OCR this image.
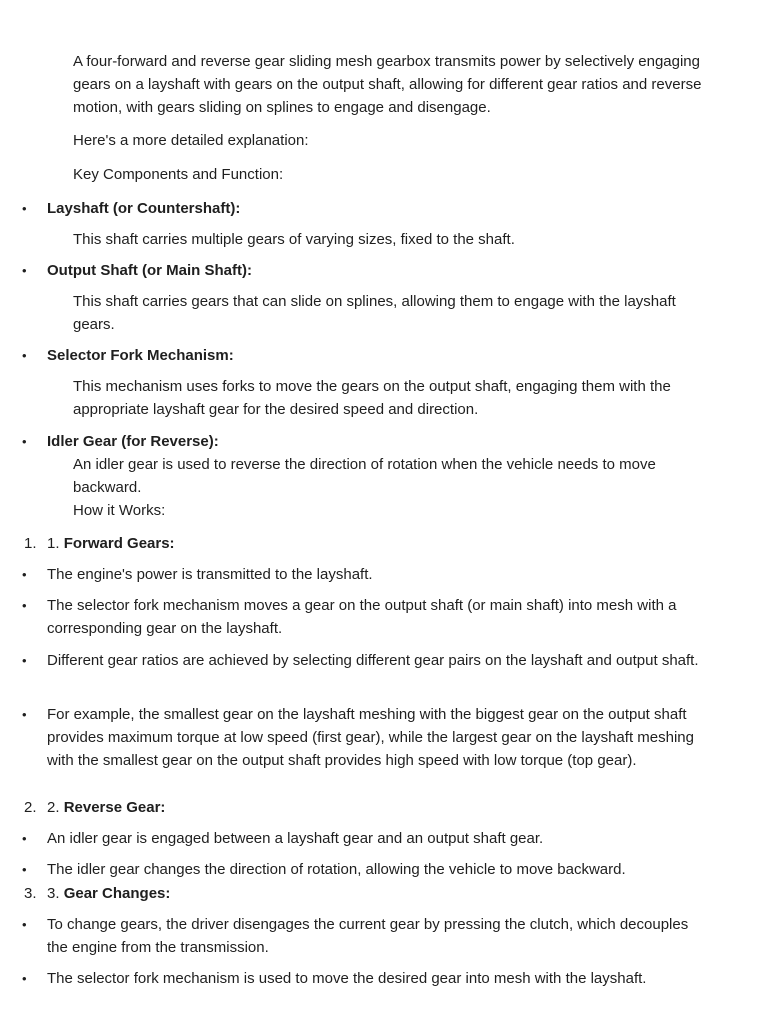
A four-forward and reverse gear sliding mesh gearbox transmits power by selectively engaging gears on a layshaft with gears on the output shaft, allowing for different gear ratios and reverse motion, with gears sliding on splines to engage and disengage.

Here's a more detailed explanation:

Key Components and Function:

•	Layshaft (or Countershaft):

This shaft carries multiple gears of varying sizes, fixed to the shaft.

•	Output Shaft (or Main Shaft):

This shaft carries gears that can slide on splines, allowing them to engage with the layshaft gears.

•	Selector Fork Mechanism:

This mechanism uses forks to move the gears on the output shaft, engaging them with the appropriate layshaft gear for the desired speed and direction.

•	Idler Gear (for Reverse):

An idler gear is used to reverse the direction of rotation when the vehicle needs to move backward.

How it Works:

1. 1. Forward Gears:
•	The engine's power is transmitted to the layshaft.
•	The selector fork mechanism moves a gear on the output shaft (or main shaft) into mesh with a corresponding gear on the layshaft.
•	Different gear ratios are achieved by selecting different gear pairs on the layshaft and output shaft.
•	For example, the smallest gear on the layshaft meshing with the biggest gear on the output shaft provides maximum torque at low speed (first gear), while the largest gear on the layshaft meshing with the smallest gear on the output shaft provides high speed with low torque (top gear).
2. 2. Reverse Gear:
•	An idler gear is engaged between a layshaft gear and an output shaft gear.
•	The idler gear changes the direction of rotation, allowing the vehicle to move backward.
3. 3. Gear Changes:
•	To change gears, the driver disengages the current gear by pressing the clutch, which decouples the engine from the transmission.
•	The selector fork mechanism is used to move the desired gear into mesh with the layshaft.
